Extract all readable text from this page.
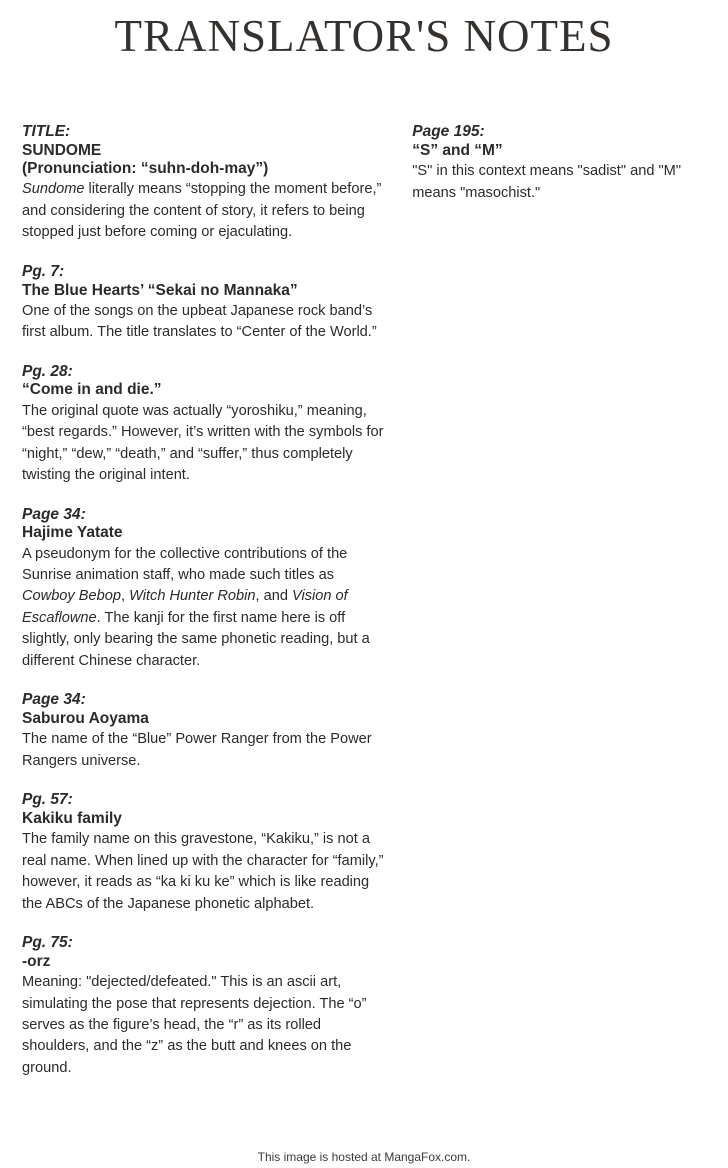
TRANSLATOR'S NOTES
TITLE:
SUNDOME
(Pronunciation: “suhn-doh-may”)

Sundome literally means “stopping the moment before,” and considering the content of story, it refers to being stopped just before coming or ejaculating.

Pg. 7:
The Blue Hearts’ “Sekai no Mannaka”

One of the songs on the upbeat Japanese rock band’s first album. The title translates to “Center of the World.”

Pg. 28:
“Come in and die.”

The original quote was actually “yoroshiku,” meaning, “best regards.” However, it’s written with the symbols for “night,” “dew,” “death,” and “suffer,” thus completely twisting the original intent.

Page 34:
Hajime Yatate

A pseudonym for the collective contributions of the Sunrise animation staff, who made such titles as Cowboy Bebop, Witch Hunter Robin, and Vision of Escaflowne. The kanji for the first name here is off slightly, only bearing the same phonetic reading, but a different Chinese character.

Page 34:
Saburou Aoyama

The name of the “Blue” Power Ranger from the Power Rangers universe.

Pg. 57:
Kakiku family

The family name on this gravestone, “Kakiku,” is not a real name. When lined up with the character for “family,” however, it reads as “ka ki ku ke” which is like reading the ABCs of the Japanese phonetic alphabet.

Pg. 75:
-orz

Meaning: "dejected/defeated." This is an ascii art, simulating the pose that represents dejection. The “o” serves as the figure’s head, the “r” as its rolled shoulders, and the “z” as the butt and knees on the ground.

Page 195:
“S” and “M”

"S" in this context means "sadist" and "M" means "masochist."

This image is hosted at MangaFox.com.
